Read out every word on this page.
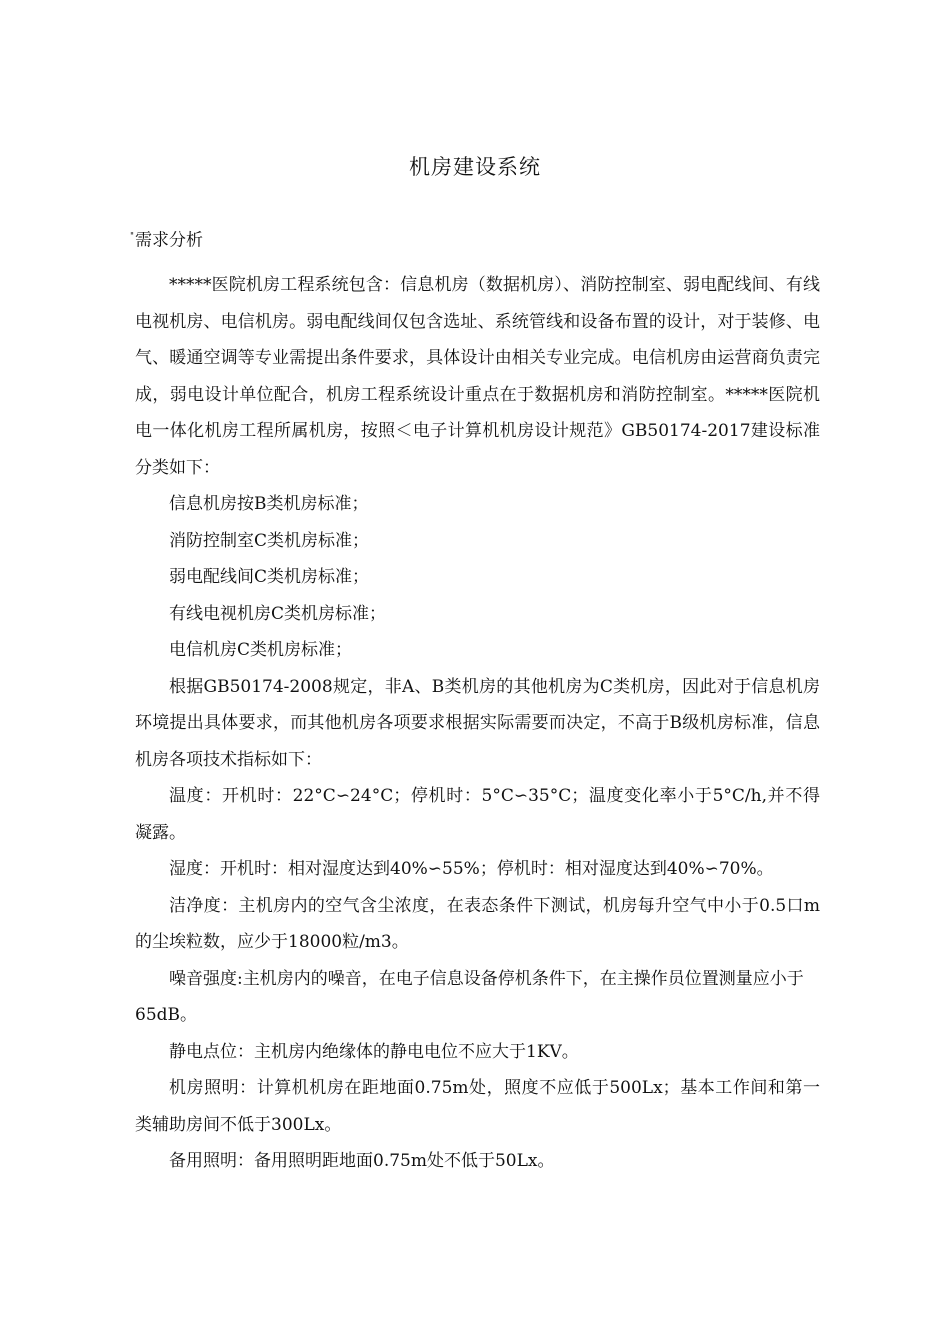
机房建设系统
'' 需求分析

*****医院机房工程系统包含：信息机房（数据机房）、消防控制室、弱电配线间、有线电视机房、电信机房。弱电配线间仅包含选址、系统管线和设备布置的设计，对于装修、电气、暖通空调等专业需提出条件要求，具体设计由相关专业完成。电信机房由运营商负责完成，弱电设计单位配合，机房工程系统设计重点在于数据机房和消防控制室。*****医院机电一体化机房工程所属机房，按照＜电子计算机机房设计规范》GB50174-2017建设标准分类如下：

信息机房按B类机房标准；

消防控制室C类机房标准；

弱电配线间C类机房标准；

有线电视机房C类机房标准；

电信机房C类机房标准；

根据GB50174-2008规定，非A、B类机房的其他机房为C类机房，因此对于信息机房环境提出具体要求，而其他机房各项要求根据实际需要而决定，不高于B级机房标准，信息机房各项技术指标如下：

温度：开机时：22°C∽24°C；停机时：5°C∽35°C；温度变化率小于5°C/h,并不得凝露。

湿度：开机时：相对湿度达到40%∽55%；停机时：相对湿度达到40%∽70%。

洁净度：主机房内的空气含尘浓度，在表态条件下测试，机房每升空气中小于0.5口m的尘埃粒数，应少于18000粒/m3。

噪音强度:主机房内的噪音，在电子信息设备停机条件下，在主操作员位置测量应小于65dB。

静电点位：主机房内绝缘体的静电电位不应大于1KV。

机房照明：计算机机房在距地面0.75m处，照度不应低于500Lx；基本工作间和第一类辅助房间不低于300Lx。

备用照明：备用照明距地面0.75m处不低于50Lx。
